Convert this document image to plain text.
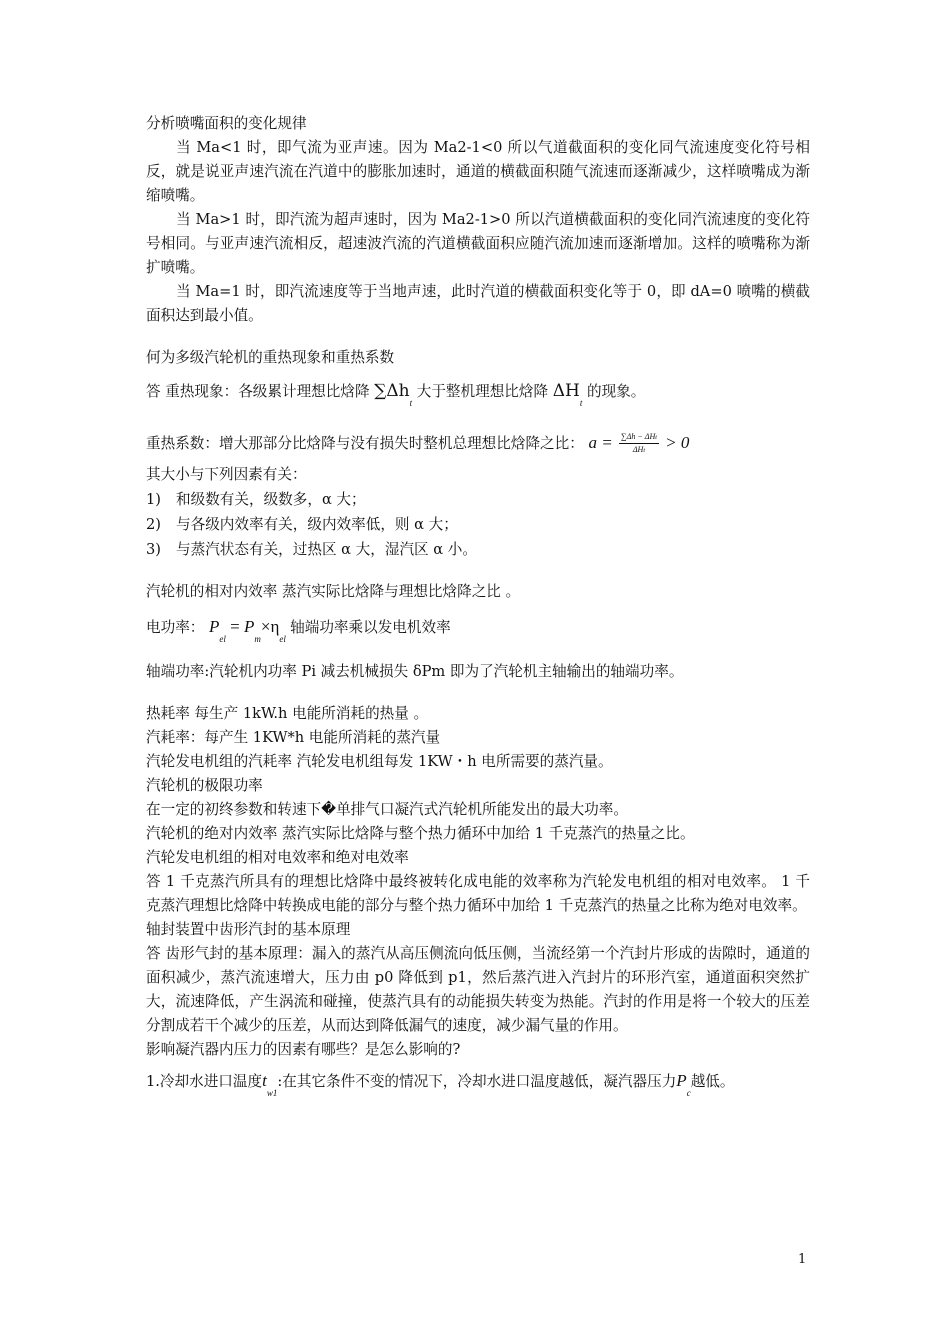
分析喷嘴面积的变化规律

当 Ma<1 时，即气流为亚声速。因为 Ma2-1<0 所以气道截面积的变化同气流速度变化符号相反，就是说亚声速汽流在汽道中的膨胀加速时，通道的横截面积随气流速而逐渐减少，这样喷嘴成为渐缩喷嘴。

当 Ma>1 时，即汽流为超声速时，因为 Ma2-1>0 所以汽道横截面积的变化同汽流速度的变化符号相同。与亚声速汽流相反，超速波汽流的汽道横截面积应随汽流加速而逐渐增加。这样的喷嘴称为渐扩喷嘴。

当 Ma=1 时，即汽流速度等于当地声速，此时汽道的横截面积变化等于 0，即 dA=0 喷嘴的横截面积达到最小值。

何为多级汽轮机的重热现象和重热系数

答 重热现象：各级累计理想比焓降 $\sum\Delta h_t$ 大于整机理想比焓降 $\Delta H_t$ 的现象。

重热系数：增大那部分比焓降与没有损失时整机总理想比焓降之比： $a = \frac{\text{∑Δh − ΔHt}}{\text{ΔHt}} > 0$

其大小与下列因素有关：

1)	和级数有关，级数多，α 大；

2)	与各级内效率有关，级内效率低，则 α 大；

3)	与蒸汽状态有关，过热区 α 大，湿汽区 α 小。

汽轮机的相对内效率 蒸汽实际比焓降与理想比焓降之比 。

电功率： $P_{el} = P_m\times\eta_{el}$ 轴端功率乘以发电机效率

轴端功率:汽轮机内功率 Pi 减去机械损失 δPm 即为了汽轮机主轴输出的轴端功率。

热耗率 每生产 1kW.h 电能所消耗的热量 。

汽耗率：每产生 1KW*h 电能所消耗的蒸汽量

汽轮发电机组的汽耗率 汽轮发电机组每发 1KW・h 电所需要的蒸汽量。

汽轮机的极限功率

在一定的初终参数和转速下�单排气口凝汽式汽轮机所能发出的最大功率。

汽轮机的绝对内效率 蒸汽实际比焓降与整个热力循环中加给 1 千克蒸汽的热量之比。

汽轮发电机组的相对电效率和绝对电效率

答 1 千克蒸汽所具有的理想比焓降中最终被转化成电能的效率称为汽轮发电机组的相对电效率。 1 千克蒸汽理想比焓降中转换成电能的部分与整个热力循环中加给 1 千克蒸汽的热量之比称为绝对电效率。

轴封装置中齿形汽封的基本原理

答 齿形气封的基本原理：漏入的蒸汽从高压侧流向低压侧，当流经第一个汽封片形成的齿隙时，通道的面积减少，蒸汽流速增大，压力由 p0 降低到 p1，然后蒸汽进入汽封片的环形汽室，通道面积突然扩大，流速降低，产生涡流和碰撞，使蒸汽具有的动能损失转变为热能。汽封的作用是将一个较大的压差分割成若干个减少的压差，从而达到降低漏气的速度，减少漏气量的作用。

影响凝汽器内压力的因素有哪些？是怎么影响的?

1.冷却水进口温度$t_{w1}$:在其它条件不变的情况下，冷却水进口温度越低，凝汽器压力$P_c$越低。

1
